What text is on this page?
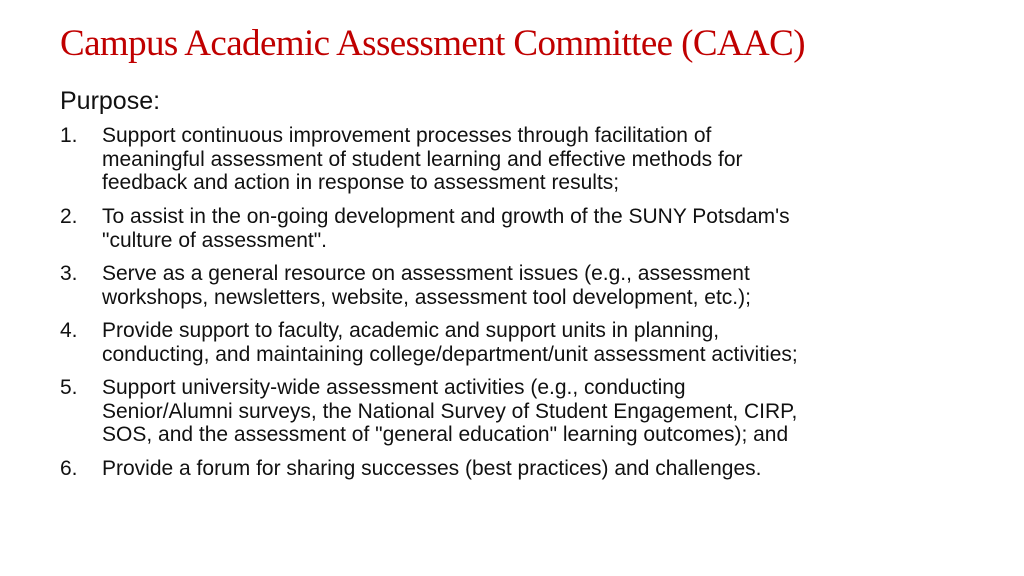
Campus Academic Assessment Committee (CAAC)
Purpose:
1.	Support continuous improvement processes through facilitation of
meaningful assessment of student learning and effective methods for
feedback and action in response to assessment results;
2.	To assist in the on-going development and growth of the SUNY Potsdam's
"culture of assessment".
3.	Serve as a general resource on assessment issues (e.g., assessment
workshops, newsletters, website, assessment tool development, etc.);
4.	Provide support to faculty, academic and support units in planning,
conducting, and maintaining college/department/unit assessment activities;
5.	Support university-wide assessment activities (e.g., conducting
Senior/Alumni surveys, the National Survey of Student Engagement, CIRP,
SOS, and the assessment of "general education" learning outcomes); and
6.	Provide a forum for sharing successes (best practices) and challenges.
